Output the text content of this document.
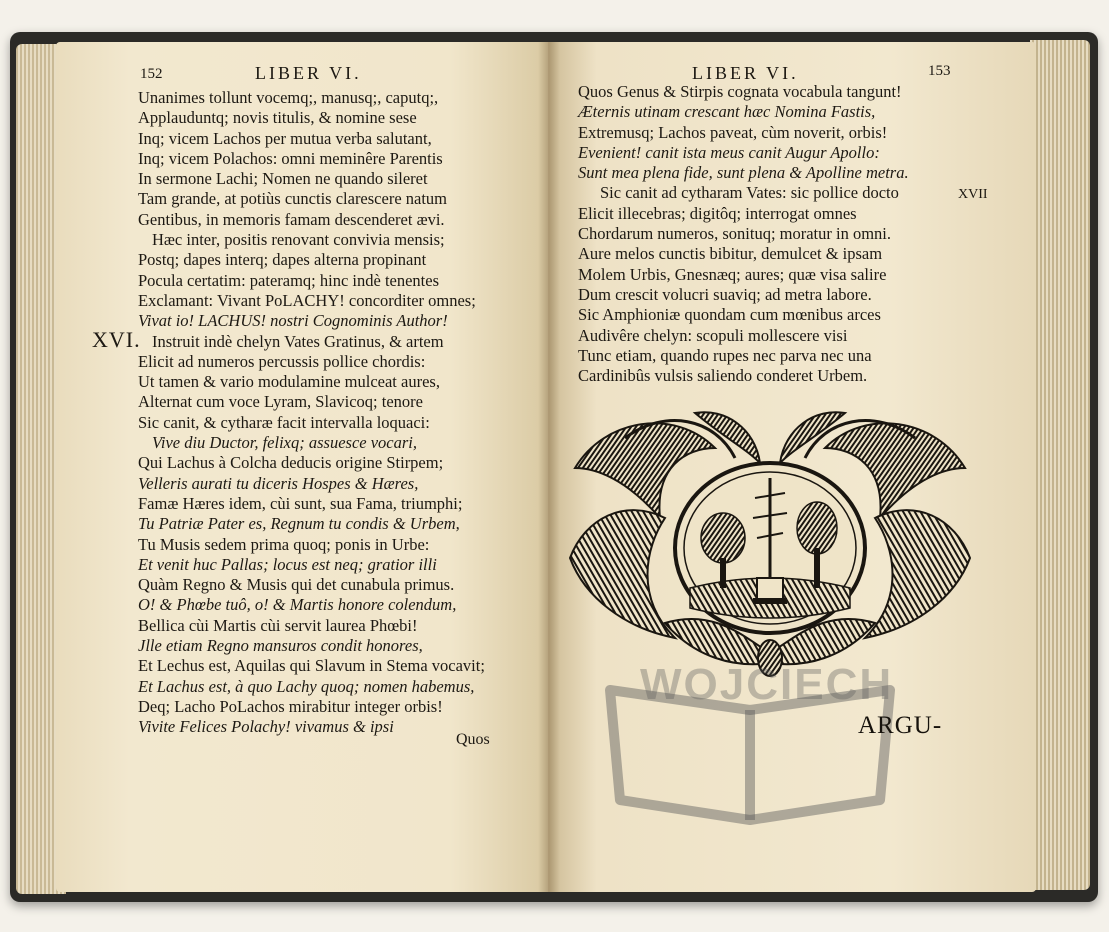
152	LIBER VI.
XVI.
Unanimes tollunt vocemq;, manusq;, caputq;,
Applauduntq; novis titulis, & nomine sese
Inq; vicem Lachos per mutua verba salutant,
Inq; vicem Polachos: omni meminêre Parentis
In sermone Lachi; Nomen ne quando sileret
Tam grande, at potiùs cunctis clarescere natum
Gentibus, in memoris famam descenderet ævi.
Hæc inter, positis renovant convivia mensis;
Postq; dapes interq; dapes alterna propinant
Pocula certatim: pateramq; hinc indè tenentes
Exclamant: Vivant PoLACHY! concorditer omnes;
Vivat io! LACHUS! nostri Cognominis Author!
Instruit indè chelyn Vates Gratinus, & artem
Elicit ad numeros percussis pollice chordis:
Ut tamen & vario modulamine mulceat aures,
Alternat cum voce Lyram, Slavicoq; tenore
Sic canit, & cytharæ facit intervalla loquaci:
Vive diu Ductor, felixq; assuesce vocari,
Qui Lachus à Colcha deducis origine Stirpem;
Velleris aurati tu diceris Hospes & Hæres,
Famæ Hæres idem, cùi sunt, sua Fama, triumphi;
Tu Patriæ Pater es, Regnum tu condis & Urbem,
Tu Musis sedem prima quoq; ponis in Urbe:
Et venit huc Pallas; locus est neq; gratior illi
Quàm Regno & Musis qui det cunabula primus.
O! & Phœbe tuô, o! & Martis honore colendum,
Bellica cùi Martis cùi servit laurea Phœbi!
Jlle etiam Regno mansuros condit honores,
Et Lechus est, Aquilas qui Slavum in Stema vocavit;
Et Lachus est, à quo Lachy quoq; nomen habemus,
Deq; Lacho PoLachos mirabitur integer orbis!
Vivite Felices Polachy! vivamus & ipsi
Quos
LIBER VI.	153
XVII
Quos Genus & Stirpis cognata vocabula tangunt!
Æternis utinam crescant hæc Nomina Fastis,
Extremusq; Lachos paveat, cùm noverit, orbis!
Evenient! canit ista meus canit Augur Apollo:
Sunt mea plena fide, sunt plena & Apolline metra.
Sic canit ad cytharam Vates: sic pollice docto
Elicit illecebras; digitôq; interrogat omnes
Chordarum numeros, sonituq; moratur in omni.
Aure melos cunctis bibitur, demulcet & ipsam
Molem Urbis, Gnesnæq; aures; quæ visa salire
Dum crescit volucri suaviq; ad metra labore.
Sic Amphioniæ quondam cum mœnibus arces
Audivêre chelyn: scopuli mollescere visi
Tunc etiam, quando rupes nec parva nec una
Cardinibûs vulsis saliendo conderet Urbem.
WOJCIECH
ARGU-
